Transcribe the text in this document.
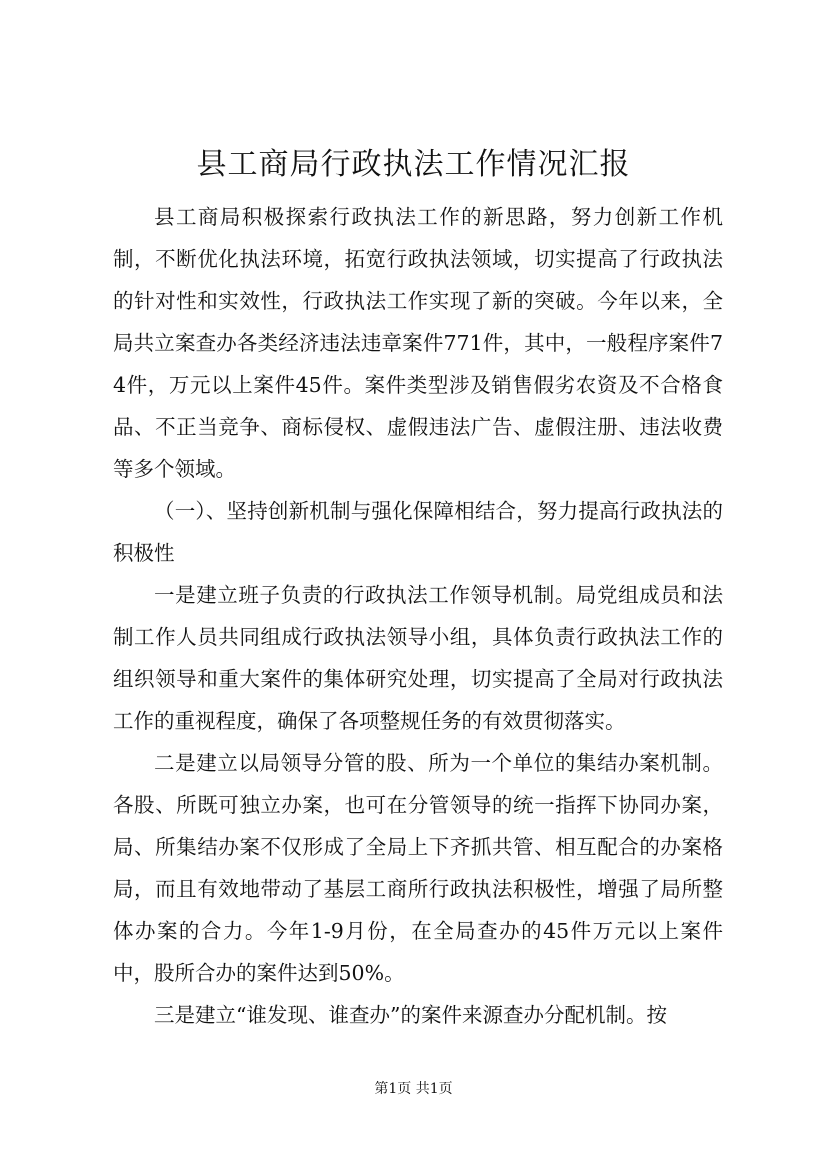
县工商局行政执法工作情况汇报

县工商局积极探索行政执法工作的新思路，努力创新工作机制，不断优化执法环境，拓宽行政执法领域，切实提高了行政执法的针对性和实效性，行政执法工作实现了新的突破。今年以来，全局共立案查办各类经济违法违章案件771件，其中，一般程序案件74件，万元以上案件45件。案件类型涉及销售假劣农资及不合格食品、不正当竞争、商标侵权、虚假违法广告、虚假注册、违法收费等多个领域。

（一）、坚持创新机制与强化保障相结合，努力提高行政执法的积极性

一是建立班子负责的行政执法工作领导机制。局党组成员和法制工作人员共同组成行政执法领导小组，具体负责行政执法工作的组织领导和重大案件的集体研究处理，切实提高了全局对行政执法工作的重视程度，确保了各项整规任务的有效贯彻落实。

二是建立以局领导分管的股、所为一个单位的集结办案机制。各股、所既可独立办案，也可在分管领导的统一指挥下协同办案，局、所集结办案不仅形成了全局上下齐抓共管、相互配合的办案格局，而且有效地带动了基层工商所行政执法积极性，增强了局所整体办案的合力。今年1-9月份，在全局查办的45件万元以上案件中，股所合办的案件达到50%。

三是建立“谁发现、谁查办”的案件来源查办分配机制。按

第1页 共1页
